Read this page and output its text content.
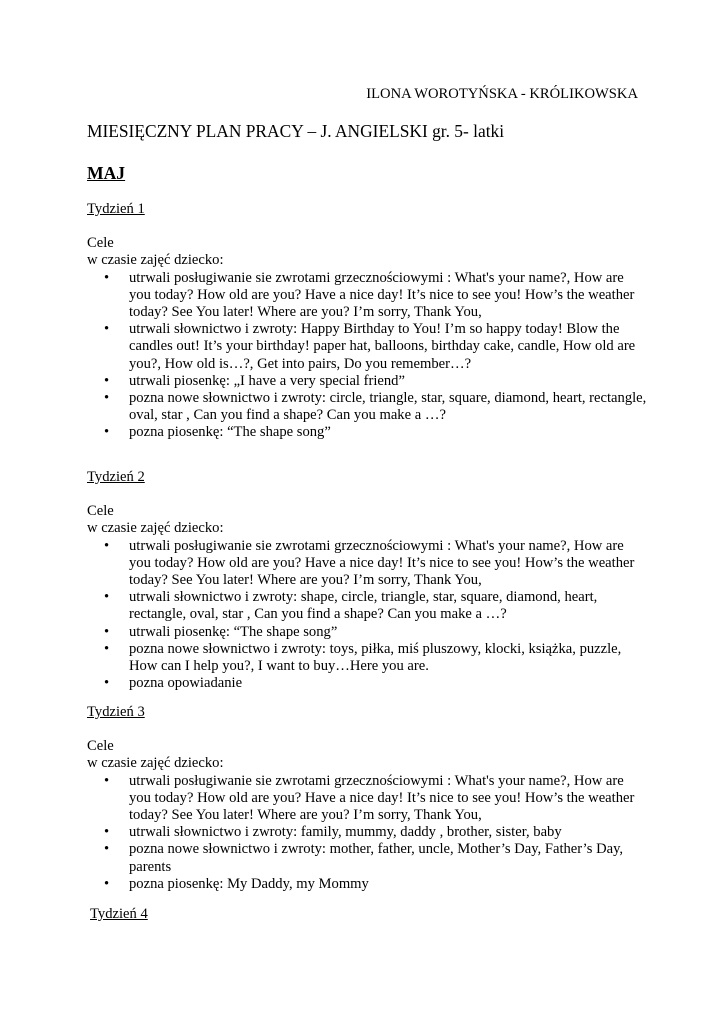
ILONA WOROTYŃSKA - KRÓLIKOWSKA
MIESIĘCZNY PLAN PRACY – J. ANGIELSKI gr. 5- latki
MAJ
Tydzień 1
Cele
w czasie zajęć dziecko:
• utrwali posługiwanie sie zwrotami grzecznościowymi : What's your name?, How are you today? How old are you? Have a nice day! It’s nice to see you! How’s the weather today? See You later! Where are you? I’m sorry, Thank You,
• utrwali słownictwo i zwroty: Happy Birthday to You! I’m so happy today! Blow the candles out! It’s your birthday! paper hat, balloons, birthday cake, candle, How old are you?, How old is…?, Get into pairs, Do you remember…?
• utrwali piosenkę: „I have a very special friend”
• pozna nowe słownictwo i zwroty: circle, triangle, star, square, diamond, heart, rectangle, oval, star , Can you find a shape? Can you make a …?
• pozna piosenkę: “The shape song”
Tydzień 2
Cele
w czasie zajęć dziecko:
• utrwali posługiwanie sie zwrotami grzecznościowymi : What's your name?, How are you today? How old are you? Have a nice day! It’s nice to see you! How’s the weather today? See You later! Where are you? I’m sorry, Thank You,
• utrwali słownictwo i zwroty: shape, circle, triangle, star, square, diamond, heart, rectangle, oval, star , Can you find a shape? Can you make a …?
• utrwali piosenkę: “The shape song”
• pozna nowe słownictwo i zwroty: toys, piłka, miś pluszowy, klocki, książka, puzzle, How can I help you?, I want to buy…Here you are.
• pozna opowiadanie
Tydzień 3
Cele
w czasie zajęć dziecko:
• utrwali posługiwanie sie zwrotami grzecznościowymi : What's your name?, How are you today? How old are you? Have a nice day! It’s nice to see you! How’s the weather today? See You later! Where are you? I’m sorry, Thank You,
• utrwali słownictwo i zwroty: family, mummy, daddy , brother, sister, baby
• pozna nowe słownictwo i zwroty: mother, father, uncle, Mother’s Day, Father’s Day, parents
• pozna piosenkę: My Daddy, my Mommy
Tydzień 4
